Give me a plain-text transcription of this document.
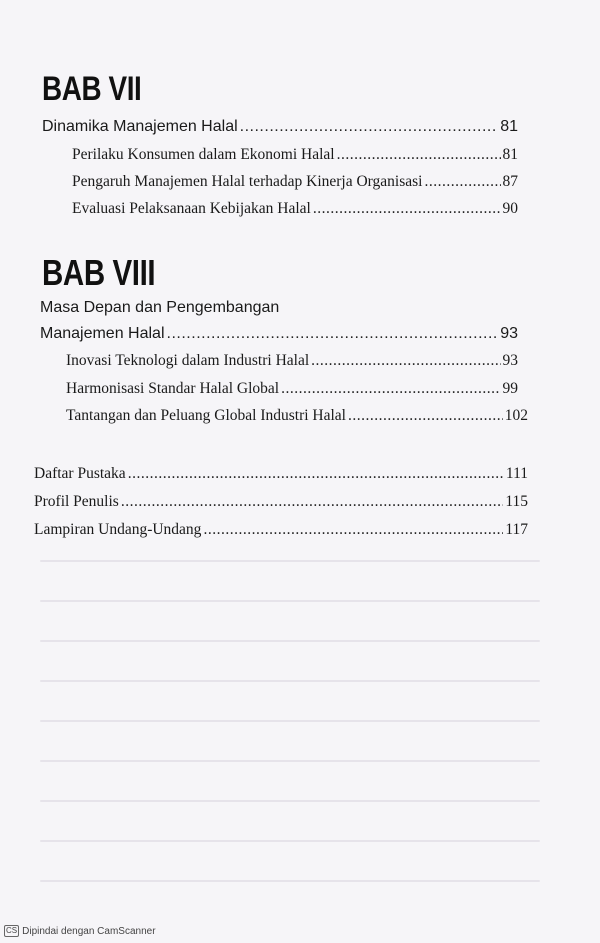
BAB VII
Dinamika Manajemen Halal .....	81
Perilaku Konsumen dalam Ekonomi Halal .....	81
Pengaruh Manajemen Halal terhadap Kinerja Organisasi .....	87
Evaluasi Pelaksanaan Kebijakan Halal .....	90
BAB VIII
Masa Depan dan Pengembangan
Manajemen Halal .....	93
Inovasi Teknologi dalam Industri Halal .....	93
Harmonisasi Standar Halal Global .....	99
Tantangan dan Peluang Global Industri Halal .....	102
Daftar Pustaka .....	111
Profil Penulis .....	115
Lampiran Undang-Undang .....	117
CS Dipindai dengan CamScanner
